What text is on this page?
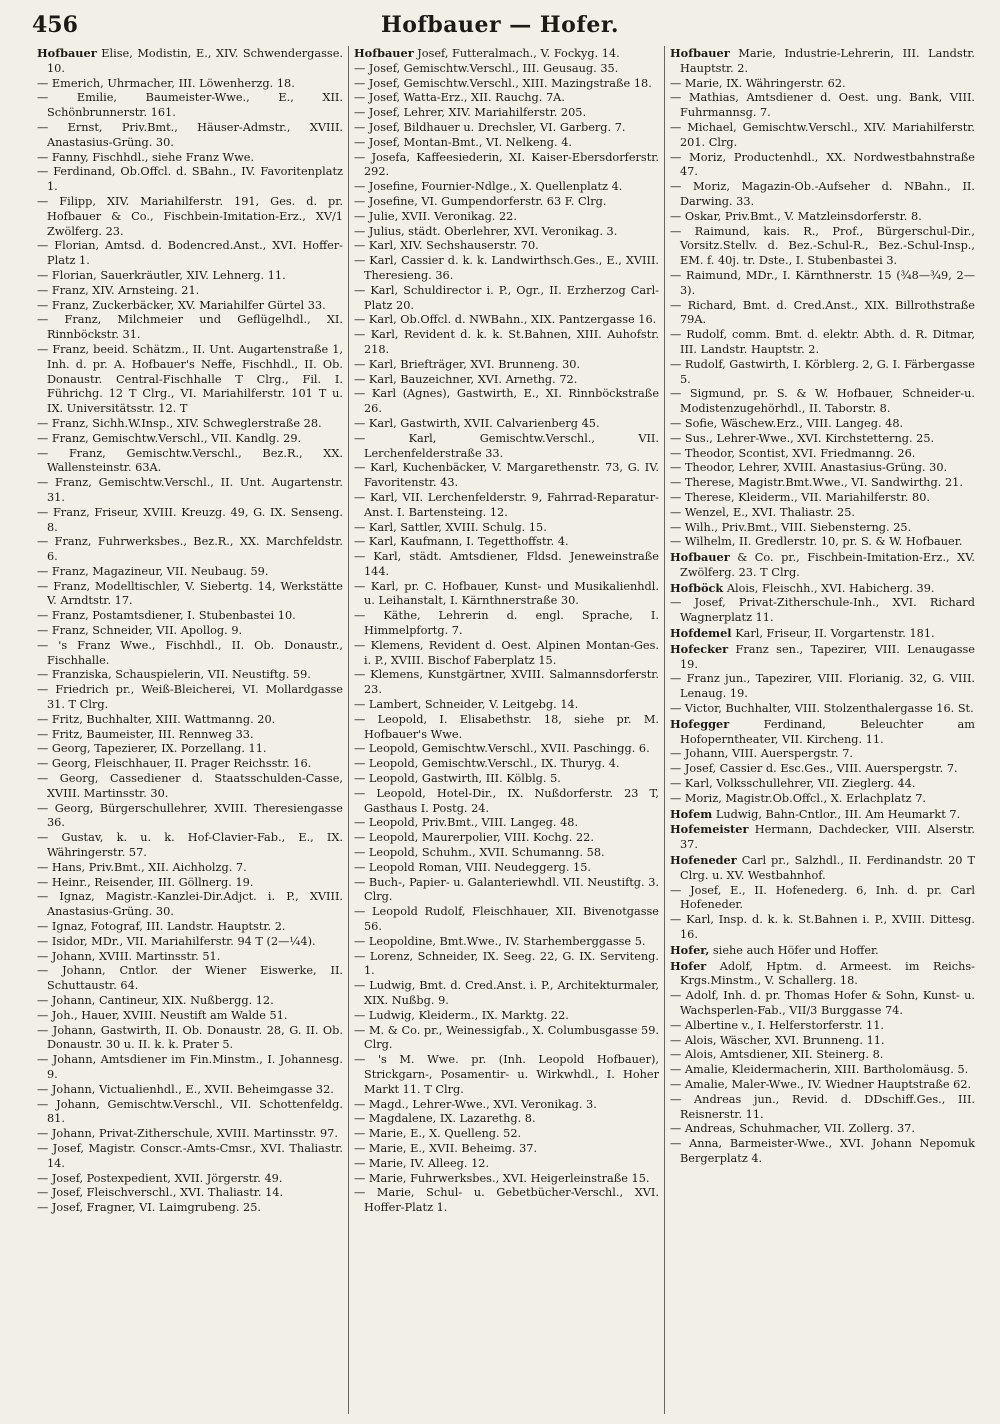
456	Hofbauer — Hofer.

Hofbauer Elise, Modistin, E., XIV. Schwendergasse. 10.

— Emerich, Uhrmacher, III. Löwenherzg. 18.

— Emilie, Baumeister-Wwe., E., XII. Schönbrunnerstr. 161.

— Ernst, Priv.Bmt., Häuser-Admstr., XVIII. Anastasius-Grüng. 30.

— Fanny, Fischhdl., siehe Franz Wwe.

— Ferdinand, Ob.Offcl. d. SBahn., IV. Favoritenplatz 1.

— Filipp, XIV. Mariahilferstr. 191, Ges. d. pr. Hofbauer & Co., Fischbein-Imitation-Erz., XV/1 Zwölferg. 23.

— Florian, Amtsd. d. Bodencred.Anst., XVI. Hoffer-Platz 1.

— Florian, Sauerkräutler, XIV. Lehnerg. 11.

— Franz, XIV. Arnsteing. 21.

— Franz, Zuckerbäcker, XV. Mariahilfer Gürtel 33.

— Franz, Milchmeier und Geflügelhdl., XI. Rinnböckstr. 31.

— Franz, beeid. Schätzm., II. Unt. Augartenstraße 1, Inh. d. pr. A. Hofbauer's Neffe, Fischhdl., II. Ob. Donaustr. Central-Fischhalle T Clrg., Fil. I. Führichg. 12 T Clrg., VI. Mariahilferstr. 101 T u. IX. Universitätsstr. 12. T

— Franz, Sichh.W.Insp., XIV. Schweglerstraße 28.

— Franz, Gemischtw.Verschl., VII. Kandlg. 29.

— Franz, Gemischtw.Verschl., Bez.R., XX. Wallensteinstr. 63A.

— Franz, Gemischtw.Verschl., II. Unt. Augartenstr. 31.

— Franz, Friseur, XVIII. Kreuzg. 49, G. IX. Senseng. 8.

— Franz, Fuhrwerksbes., Bez.R., XX. Marchfeldstr. 6.

— Franz, Magazineur, VII. Neubaug. 59.

— Franz, Modelltischler, V. Siebertg. 14, Werkstätte V. Arndtstr. 17.

— Franz, Postamtsdiener, I. Stubenbastei 10.

— Franz, Schneider, VII. Apollog. 9.

— 's Franz Wwe., Fischhdl., II. Ob. Donaustr., Fischhalle.

— Franziska, Schauspielerin, VII. Neustiftg. 59.

— Friedrich pr., Weiß-Bleicherei, VI. Mollardgasse 31. T Clrg.

— Fritz, Buchhalter, XIII. Wattmanng. 20.

— Fritz, Baumeister, III. Rennweg 33.

— Georg, Tapezierer, IX. Porzellang. 11.

— Georg, Fleischhauer, II. Prager Reichsstr. 16.

— Georg, Cassediener d. Staatsschulden-Casse, XVIII. Martinsstr. 30.

— Georg, Bürgerschullehrer, XVIII. Theresiengasse 36.

— Gustav, k. u. k. Hof-Clavier-Fab., E., IX. Währingerstr. 57.

— Hans, Priv.Bmt., XII. Aichholzg. 7.

— Heinr., Reisender, III. Göllnerg. 19.

— Ignaz, Magistr.-Kanzlei-Dir.Adjct. i. P., XVIII. Anastasius-Grüng. 30.

— Ignaz, Fotograf, III. Landstr. Hauptstr. 2.

— Isidor, MDr., VII. Mariahilferstr. 94 T (2—¼4).

— Johann, XVIII. Martinsstr. 51.

— Johann, Cntlor. der Wiener Eiswerke, II. Schuttaustr. 64.

— Johann, Cantineur, XIX. Nußbergg. 12.

— Joh., Hauer, XVIII. Neustift am Walde 51.

— Johann, Gastwirth, II. Ob. Donaustr. 28, G. II. Ob. Donaustr. 30 u. II. k. k. Prater 5.

— Johann, Amtsdiener im Fin.Minstm., I. Johannesg. 9.

— Johann, Victualienhdl., E., XVII. Beheimgasse 32.

— Johann, Gemischtw.Verschl., VII. Schottenfeldg. 81.

— Johann, Privat-Zitherschule, XVIII. Martinsstr. 97.

— Josef, Magistr. Conscr.-Amts-Cmsr., XVI. Thaliastr. 14.

— Josef, Postexpedient, XVII. Jörgerstr. 49.

— Josef, Fleischverschl., XVI. Thaliastr. 14.

— Josef, Fragner, VI. Laimgrubeng. 25.

Hofbauer Josef, Futteralmach., V. Fockyg. 14.

— Josef, Gemischtw.Verschl., III. Geusaug. 35.

— Josef, Gemischtw.Verschl., XIII. Mazingstraße 18.

— Josef, Watta-Erz., XII. Rauchg. 7A.

— Josef, Lehrer, XIV. Mariahilferstr. 205.

— Josef, Bildhauer u. Drechsler, VI. Garberg. 7.

— Josef, Montan-Bmt., VI. Nelkeng. 4.

— Josefa, Kaffeesiederin, XI. Kaiser-Ebersdorferstr. 292.

— Josefine, Fournier-Ndlge., X. Quellenplatz 4.

— Josefine, VI. Gumpendorferstr. 63 F. Clrg.

— Julie, XVII. Veronikag. 22.

— Julius, städt. Oberlehrer, XVI. Veronikag. 3.

— Karl, XIV. Sechshauserstr. 70.

— Karl, Cassier d. k. k. Landwirthsch.Ges., E., XVIII. Theresieng. 36.

— Karl, Schuldirector i. P., Ogr., II. Erzherzog Carl-Platz 20.

— Karl, Ob.Offcl. d. NWBahn., XIX. Pantzergasse 16.

— Karl, Revident d. k. k. St.Bahnen, XIII. Auhofstr. 218.

— Karl, Briefträger, XVI. Brunneng. 30.

— Karl, Bauzeichner, XVI. Arnethg. 72.

— Karl (Agnes), Gastwirth, E., XI. Rinnböckstraße 26.

— Karl, Gastwirth, XVII. Calvarienberg 45.

— Karl, Gemischtw.Verschl., VII. Lerchenfelderstraße 33.

— Karl, Kuchenbäcker, V. Margarethenstr. 73, G. IV. Favoritenstr. 43.

— Karl, VII. Lerchenfelderstr. 9, Fahrrad-Reparatur-Anst. I. Bartensteing. 12.

— Karl, Sattler, XVIII. Schulg. 15.

— Karl, Kaufmann, I. Tegetthoffstr. 4.

— Karl, städt. Amtsdiener, Fldsd. Jeneweinstraße 144.

— Karl, pr. C. Hofbauer, Kunst- und Musikalienhdl. u. Leihanstalt, I. Kärnthnerstraße 30.

— Käthe, Lehrerin d. engl. Sprache, I. Himmelpfortg. 7.

— Klemens, Revident d. Oest. Alpinen Montan-Ges. i. P., XVIII. Bischof Faberplatz 15.

— Klemens, Kunstgärtner, XVIII. Salmannsdorferstr. 23.

— Lambert, Schneider, V. Leitgebg. 14.

— Leopold, I. Elisabethstr. 18, siehe pr. M. Hofbauer's Wwe.

— Leopold, Gemischtw.Verschl., XVII. Paschingg. 6.

— Leopold, Gemischtw.Verschl., IX. Thuryg. 4.

— Leopold, Gastwirth, III. Kölblg. 5.

— Leopold, Hotel-Dir., IX. Nußdorferstr. 23 T, Gasthaus I. Postg. 24.

— Leopold, Priv.Bmt., VIII. Langeg. 48.

— Leopold, Maurerpolier, VIII. Kochg. 22.

— Leopold, Schuhm., XVII. Schumanng. 58.

— Leopold Roman, VIII. Neudeggerg. 15.

— Buch-, Papier- u. Galanteriewhdl. VII. Neustiftg. 3. Clrg.

— Leopold Rudolf, Fleischhauer, XII. Bivenotgasse 56.

— Leopoldine, Bmt.Wwe., IV. Starhemberggasse 5.

— Lorenz, Schneider, IX. Seeg. 22, G. IX. Serviteng. 1.

— Ludwig, Bmt. d. Cred.Anst. i. P., Architekturmaler, XIX. Nußbg. 9.

— Ludwig, Kleiderm., IX. Marktg. 22.

— M. & Co. pr., Weinessigfab., X. Columbusgasse 59. Clrg.

— 's M. Wwe. pr. (Inh. Leopold Hofbauer), Strickgarn-, Posamentir- u. Wirkwhdl., I. Hoher Markt 11. T Clrg.

— Magd., Lehrer-Wwe., XVI. Veronikag. 3.

— Magdalene, IX. Lazarethg. 8.

— Marie, E., X. Quelleng. 52.

— Marie, E., XVII. Beheimg. 37.

— Marie, IV. Alleeg. 12.

— Marie, Fuhrwerksbes., XVI. Heigerleinstraße 15.

— Marie, Schul- u. Gebetbücher-Verschl., XVI. Hoffer-Platz 1.

Hofbauer Marie, Industrie-Lehrerin, III. Landstr. Hauptstr. 2.

— Marie, IX. Währingerstr. 62.

— Mathias, Amtsdiener d. Oest. ung. Bank, VIII. Fuhrmannsg. 7.

— Michael, Gemischtw.Verschl., XIV. Mariahilferstr. 201. Clrg.

— Moriz, Productenhdl., XX. Nordwestbahnstraße 47.

— Moriz, Magazin-Ob.-Aufseher d. NBahn., II. Darwing. 33.

— Oskar, Priv.Bmt., V. Matzleinsdorferstr. 8.

— Raimund, kais. R., Prof., Bürgerschul-Dir., Vorsitz.Stellv. d. Bez.-Schul-R., Bez.-Schul-Insp., EM. f. 40j. tr. Dste., I. Stubenbastei 3.

— Raimund, MDr., I. Kärnthnerstr. 15 (¾8—¾9, 2—3).

— Richard, Bmt. d. Cred.Anst., XIX. Billrothstraße 79A.

— Rudolf, comm. Bmt. d. elektr. Abth. d. R. Ditmar, III. Landstr. Hauptstr. 2.

— Rudolf, Gastwirth, I. Körblerg. 2, G. I. Färbergasse 5.

— Sigmund, pr. S. & W. Hofbauer, Schneider-u. Modistenzugehörhdl., II. Taborstr. 8.

— Sofie, Wäschew.Erz., VIII. Langeg. 48.

— Sus., Lehrer-Wwe., XVI. Kirchstetterng. 25.

— Theodor, Scontist, XVI. Friedmanng. 26.

— Theodor, Lehrer, XVIII. Anastasius-Grüng. 30.

— Therese, Magistr.Bmt.Wwe., VI. Sandwirthg. 21.

— Therese, Kleiderm., VII. Mariahilferstr. 80.

— Wenzel, E., XVI. Thaliastr. 25.

— Wilh., Priv.Bmt., VIII. Siebensterng. 25.

— Wilhelm, II. Gredlerstr. 10, pr. S. & W. Hofbauer.

Hofbauer & Co. pr., Fischbein-Imitation-Erz., XV. Zwölferg. 23. T Clrg.

Hofböck Alois, Fleischh., XVI. Habicherg. 39.

— Josef, Privat-Zitherschule-Inh., XVI. Richard Wagnerplatz 11.

Hofdemel Karl, Friseur, II. Vorgartenstr. 181.

Hofecker Franz sen., Tapezirer, VIII. Lenaugasse 19.

— Franz jun., Tapezirer, VIII. Florianig. 32, G. VIII. Lenaug. 19.

— Victor, Buchhalter, VIII. Stolzenthalergasse 16. St.

Hofegger	Ferdinand, Beleuchter am Hofoperntheater, VII. Kircheng. 11.

— Johann, VIII. Auerspergstr. 7.

— Josef, Cassier d. Esc.Ges., VIII. Auerspergstr. 7.

— Karl, Volksschullehrer, VII. Zieglerg. 44.

— Moriz, Magistr.Ob.Offcl., X. Erlachplatz 7.

Hofem Ludwig, Bahn-Cntlor., III. Am Heumarkt 7.

Hofemeister Hermann, Dachdecker, VIII. Alserstr. 37.

Hofeneder Carl pr., Salzhdl., II. Ferdinandstr. 20 T Clrg. u. XV. Westbahnhof.

— Josef, E., II. Hofenederg. 6, Inh. d. pr. Carl Hofeneder.

— Karl, Insp. d. k. k. St.Bahnen i. P., XVIII. Dittesg. 16.

Hofer, siehe auch Höfer und Hoffer.

Hofer Adolf, Hptm. d. Armeest. im Reichs-Krgs.Minstm., V. Schallerg. 18.

— Adolf, Inh. d. pr. Thomas Hofer & Sohn, Kunst- u. Wachsperlen-Fab., VII/3 Burggasse 74.

— Albertine v., I. Helferstorferstr. 11.

— Alois, Wäscher, XVI. Brunneng. 11.

— Alois, Amtsdiener, XII. Steinerg. 8.

— Amalie, Kleidermacherin, XIII. Bartholomäusg. 5.

— Amalie, Maler-Wwe., IV. Wiedner Hauptstraße 62.

— Andreas jun., Revid. d. DDschiff.Ges., III. Reisnerstr. 11.

— Andreas, Schuhmacher, VII. Zollerg. 37.

— Anna, Barmeister-Wwe., XVI. Johann Nepomuk Bergerplatz 4.
